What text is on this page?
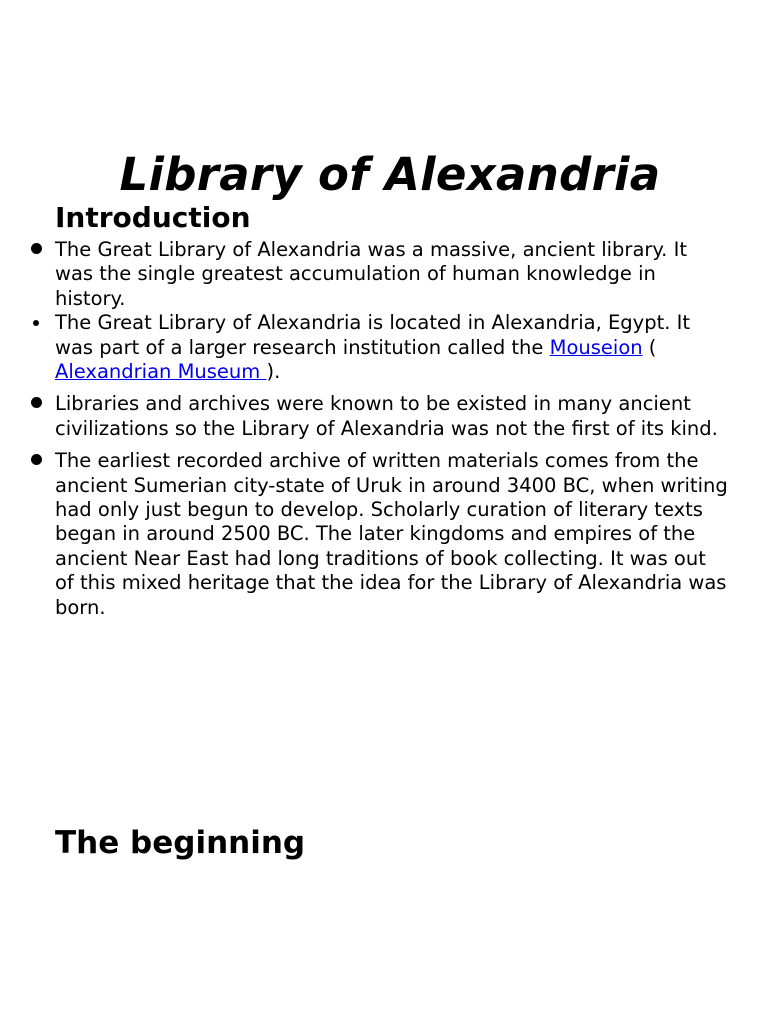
Library of Alexandria
Introduction
The Great Library of Alexandria was a massive, ancient library. It was the single greatest accumulation of human knowledge in history.
The Great Library of Alexandria is located in Alexandria, Egypt. It was part of a larger research institution called the Mouseion (
Alexandrian Museum ).
Libraries and archives were known to be existed in many ancient civilizations so the Library of Alexandria was not the first of its kind.
The earliest recorded archive of written materials comes from the ancient Sumerian city-state of Uruk in around 3400 BC, when writing had only just begun to develop. Scholarly curation of literary texts began in around 2500 BC. The later kingdoms and empires of the ancient Near East had long traditions of book collecting. It was out of this mixed heritage that the idea for the Library of Alexandria was born.
The beginning
